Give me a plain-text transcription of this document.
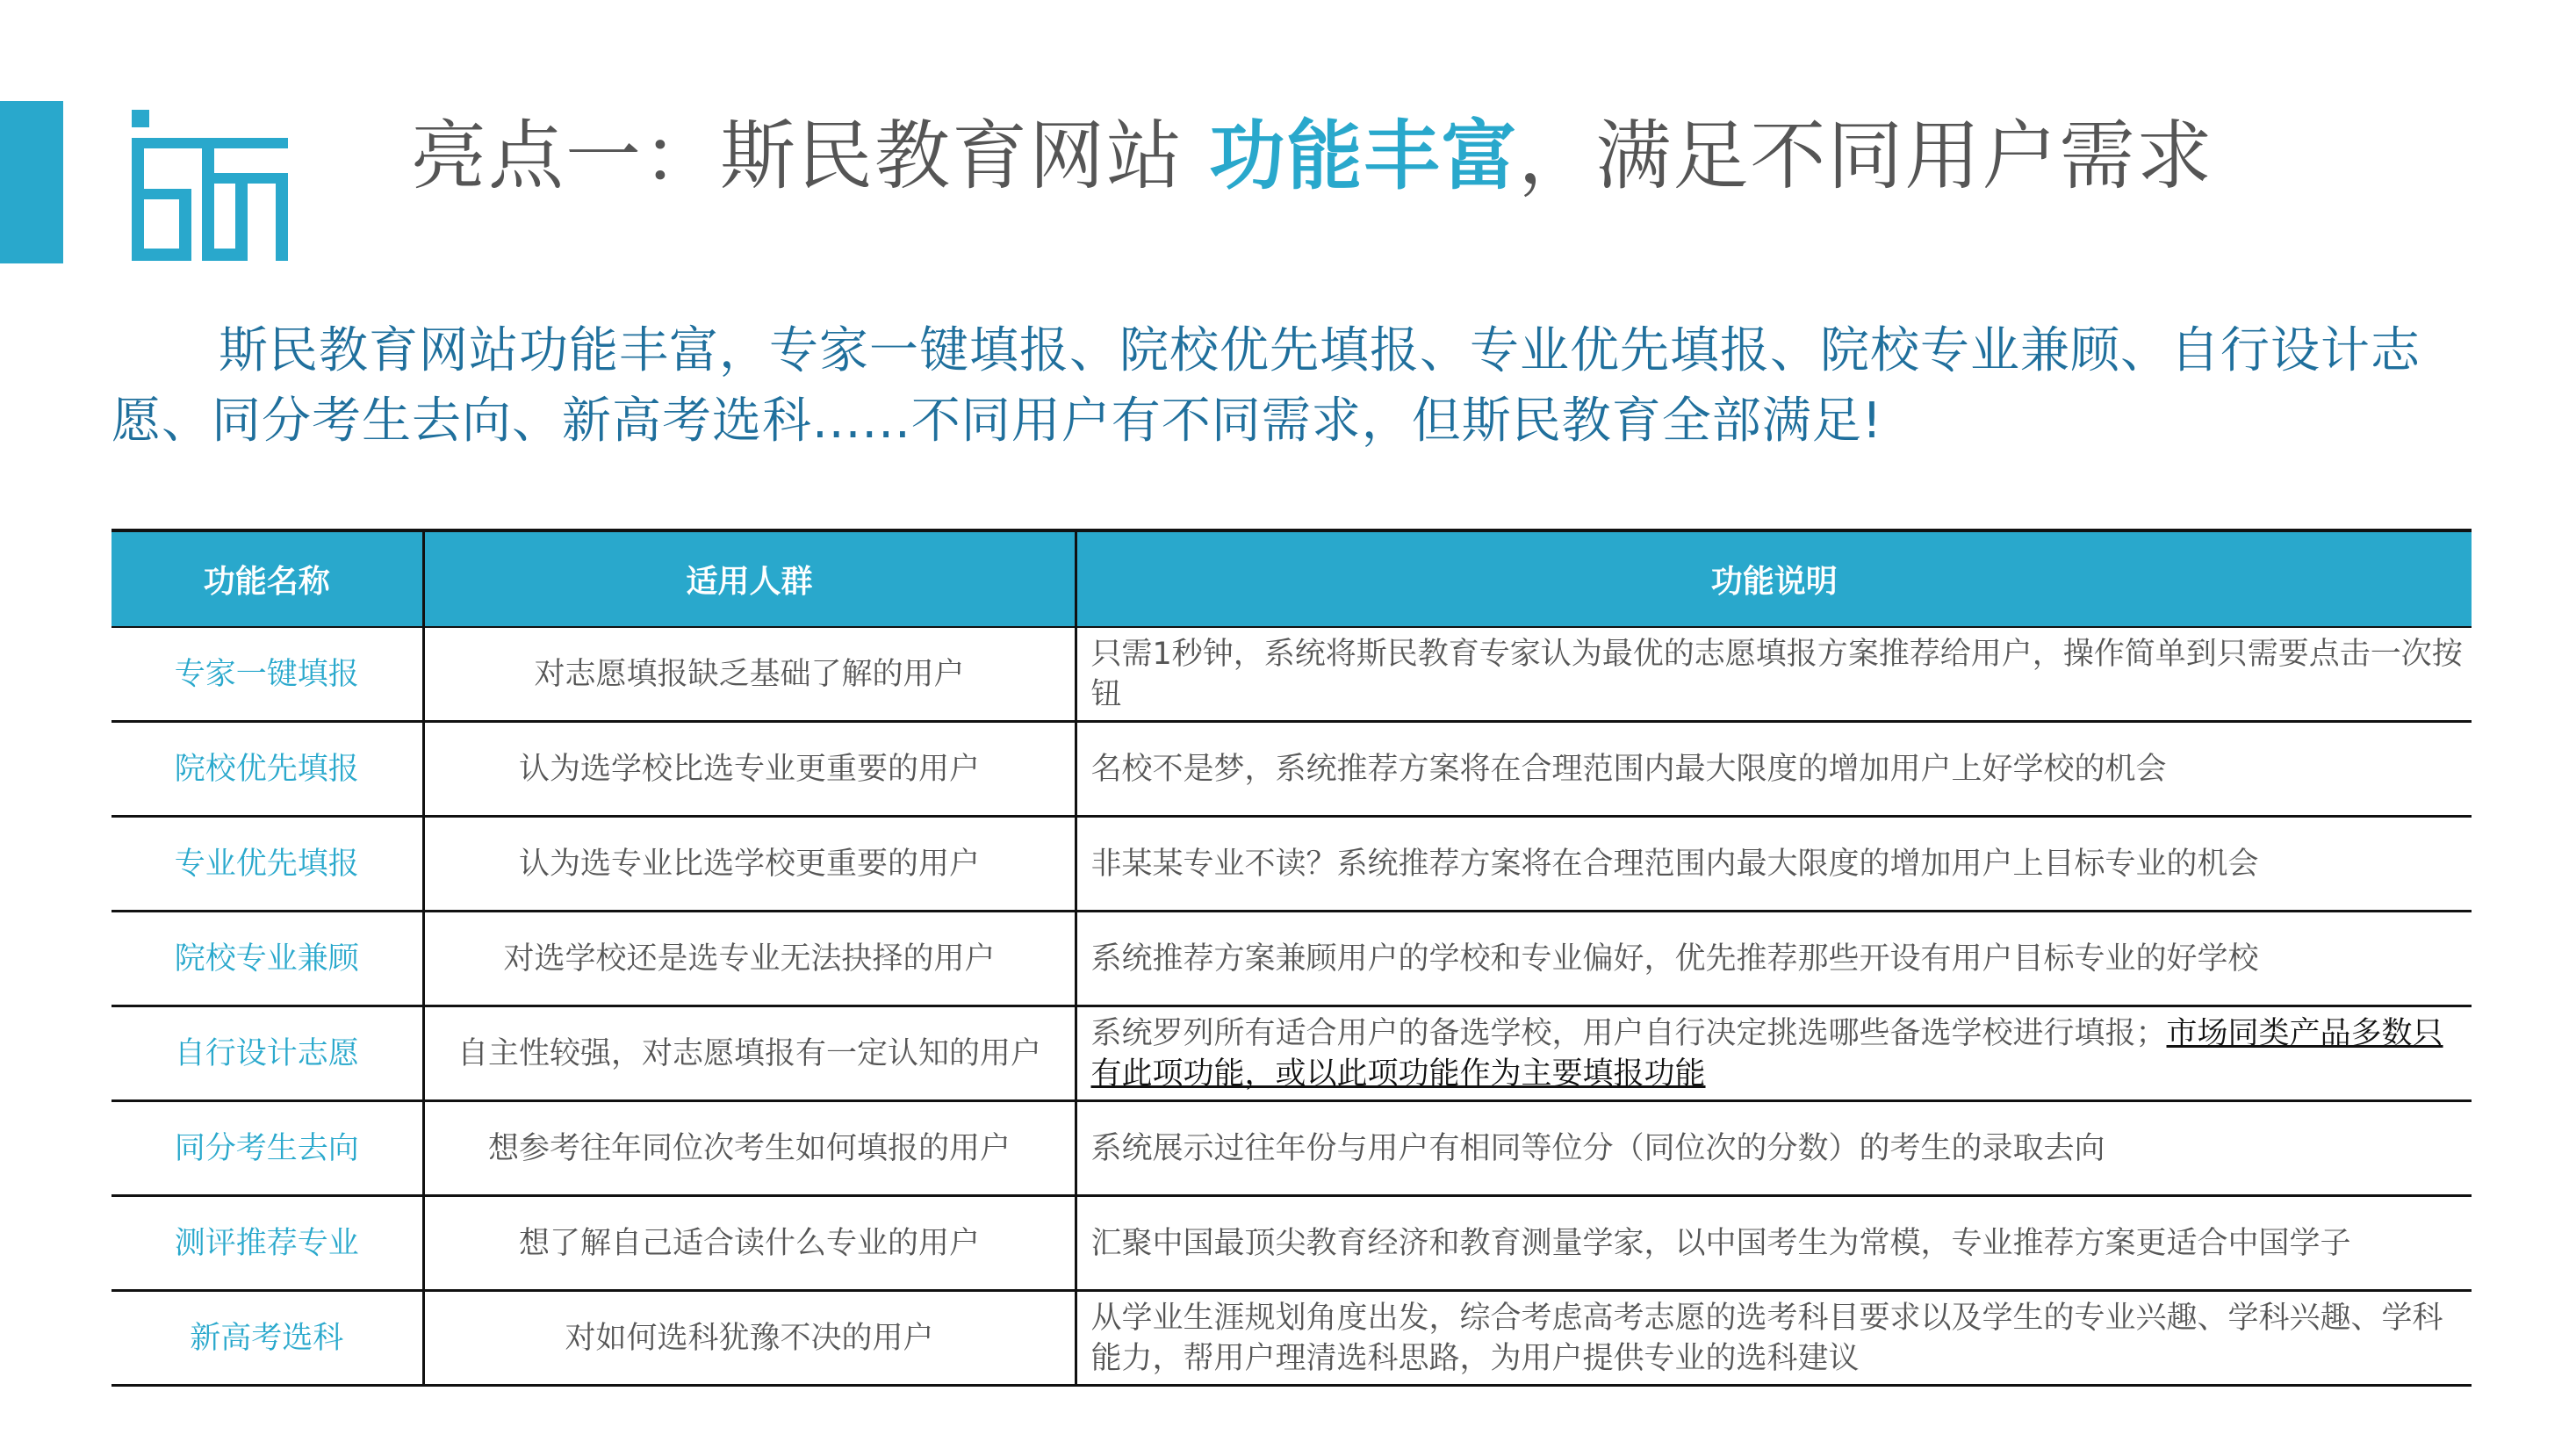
亮点一：斯民教育网站 功能丰富，满足不同用户需求
斯民教育网站功能丰富，专家一键填报、院校优先填报、专业优先填报、院校专业兼顾、自行设计志愿、同分考生去向、新高考选科......不同用户有不同需求，但斯民教育全部满足!
功能名称	适用人群	功能说明
专家一键填报	对志愿填报缺乏基础了解的用户	只需1秒钟，系统将斯民教育专家认为最优的志愿填报方案推荐给用户，操作简单到只需要点击一次按钮
院校优先填报	认为选学校比选专业更重要的用户	名校不是梦，系统推荐方案将在合理范围内最大限度的增加用户上好学校的机会
专业优先填报	认为选专业比选学校更重要的用户	非某某专业不读？系统推荐方案将在合理范围内最大限度的增加用户上目标专业的机会
院校专业兼顾	对选学校还是选专业无法抉择的用户	系统推荐方案兼顾用户的学校和专业偏好，优先推荐那些开设有用户目标专业的好学校
自行设计志愿	自主性较强，对志愿填报有一定认知的用户	系统罗列所有适合用户的备选学校，用户自行决定挑选哪些备选学校进行填报；市场同类产品多数只有此项功能，或以此项功能作为主要填报功能
同分考生去向	想参考往年同位次考生如何填报的用户	系统展示过往年份与用户有相同等位分（同位次的分数）的考生的录取去向
测评推荐专业	想了解自己适合读什么专业的用户	汇聚中国最顶尖教育经济和教育测量学家，以中国考生为常模，专业推荐方案更适合中国学子
新高考选科	对如何选科犹豫不决的用户	从学业生涯规划角度出发，综合考虑高考志愿的选考科目要求以及学生的专业兴趣、学科兴趣、学科能力，帮用户理清选科思路，为用户提供专业的选科建议
